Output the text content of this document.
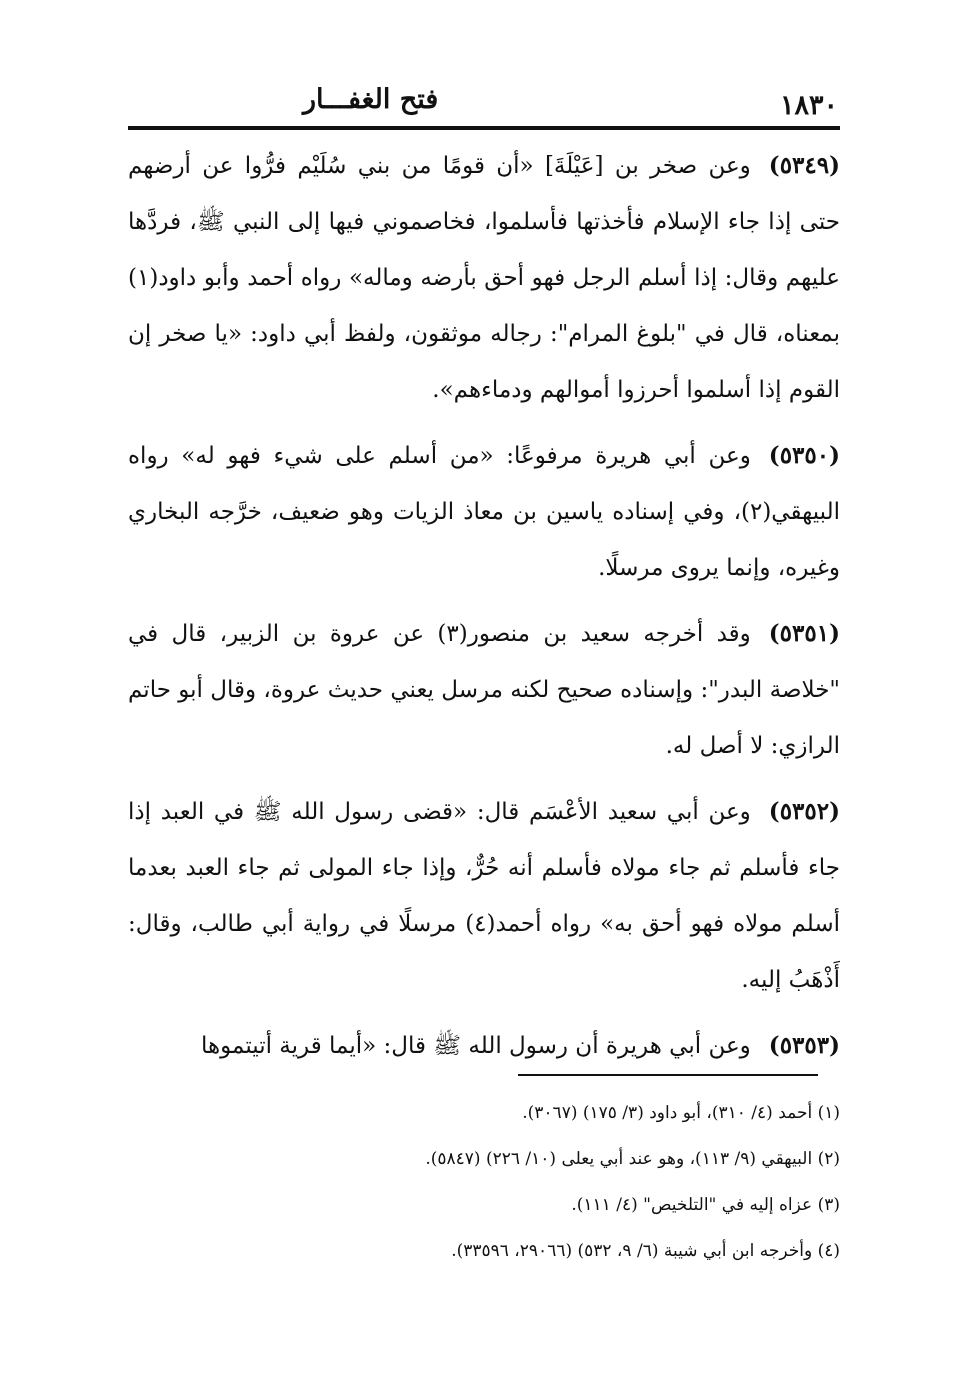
١٨٣٠
فتح الغفـــار

(٥٣٤٩)وعن صخر بن [عَيْلَةَ] «أن قومًا من بني سُلَيْم فرُّوا عن أرضهم حتى إذا جاء الإسلام فأخذتها فأسلموا، فخاصموني فيها إلى النبي ﷺ، فردَّها عليهم وقال: إذا أسلم الرجل فهو أحق بأرضه وماله» رواه أحمد وأبو داود(١) بمعناه، قال في "بلوغ المرام": رجاله موثقون، ولفظ أبي داود: «يا صخر إن القوم إذا أسلموا أحرزوا أموالهم ودماءهم».

(٥٣٥٠)وعن أبي هريرة مرفوعًا: «من أسلم على شيء فهو له» رواه البيهقي(٢)، وفي إسناده ياسين بن معاذ الزيات وهو ضعيف، خرَّجه البخاري وغيره، وإنما يروى مرسلًا.

(٥٣٥١)وقد أخرجه سعيد بن منصور(٣) عن عروة بن الزبير، قال في "خلاصة البدر": وإسناده صحيح لكنه مرسل يعني حديث عروة، وقال أبو حاتم الرازي: لا أصل له.

(٥٣٥٢)وعن أبي سعيد الأعْسَم قال: «قضى رسول الله ﷺ في العبد إذا جاء فأسلم ثم جاء مولاه فأسلم أنه حُرٌّ، وإذا جاء المولى ثم جاء العبد بعدما أسلم مولاه فهو أحق به» رواه أحمد(٤) مرسلًا في رواية أبي طالب، وقال: أَذْهَبُ إليه.

(٥٣٥٣)وعن أبي هريرة أن رسول الله ﷺ قال: «أيما قرية أتيتموها

(١) أحمد (٤/ ٣١٠)، أبو داود (٣/ ١٧٥) (٣٠٦٧).

(٢) البيهقي (٩/ ١١٣)، وهو عند أبي يعلى (١٠/ ٢٢٦) (٥٨٤٧).

(٣) عزاه إليه في "التلخيص" (٤/ ١١١).

(٤) وأخرجه ابن أبي شيبة (٦/ ٩، ٥٣٢) (٢٩٠٦٦، ٣٣٥٩٦).
